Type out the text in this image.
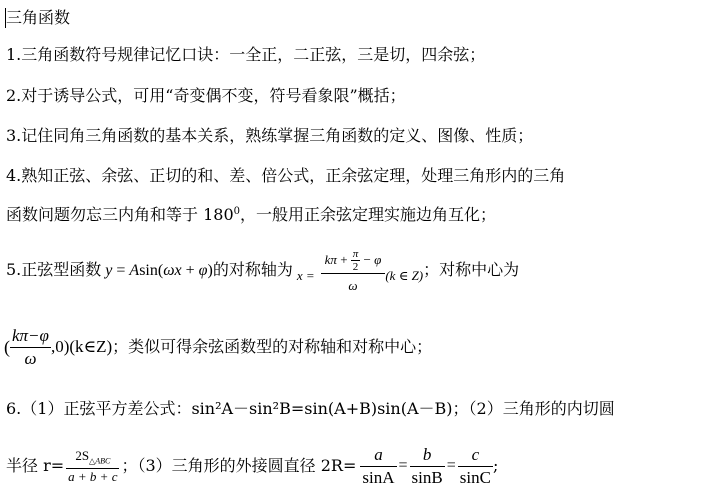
三角函数
1.三角函数符号规律记忆口诀：一全正，二正弦，三是切，四余弦；
2.对于诱导公式，可用“奇变偶不变，符号看象限”概括；
3.记住同角三角函数的基本关系，熟练掌握三角函数的定义、图像、性质；
4.熟知正弦、余弦、正切的和、差、倍公式，正余弦定理，处理三角形内的三角
函数问题勿忘三内角和等于 $180^0$，一般用正余弦定理实施边角互化；
5.正弦型函数 y = Asin(ωx + φ) 的对称轴为 $x = \frac{k\pi + \frac{\pi}{2} - \varphi}{\omega} (k$ ∈ Z) ；对称中心为
( $\frac{k\pi-\varphi}{\omega}$ ,0)(k∈Z) ；类似可得余弦函数型的对称轴和对称中心；
6.（1）正弦平方差公式：sin²A－sin²B=sin(A+B)sin(A－B)；（2）三角形的内切圆
半径 $r= \frac{2S_{\triangle ABC}}{a + b + c}$ ；（3）三角形的外接圆直径 $2R= \frac{a}{\sin A} = \frac{b}{\sin B} = \frac{c}{\sin C}$ ;
